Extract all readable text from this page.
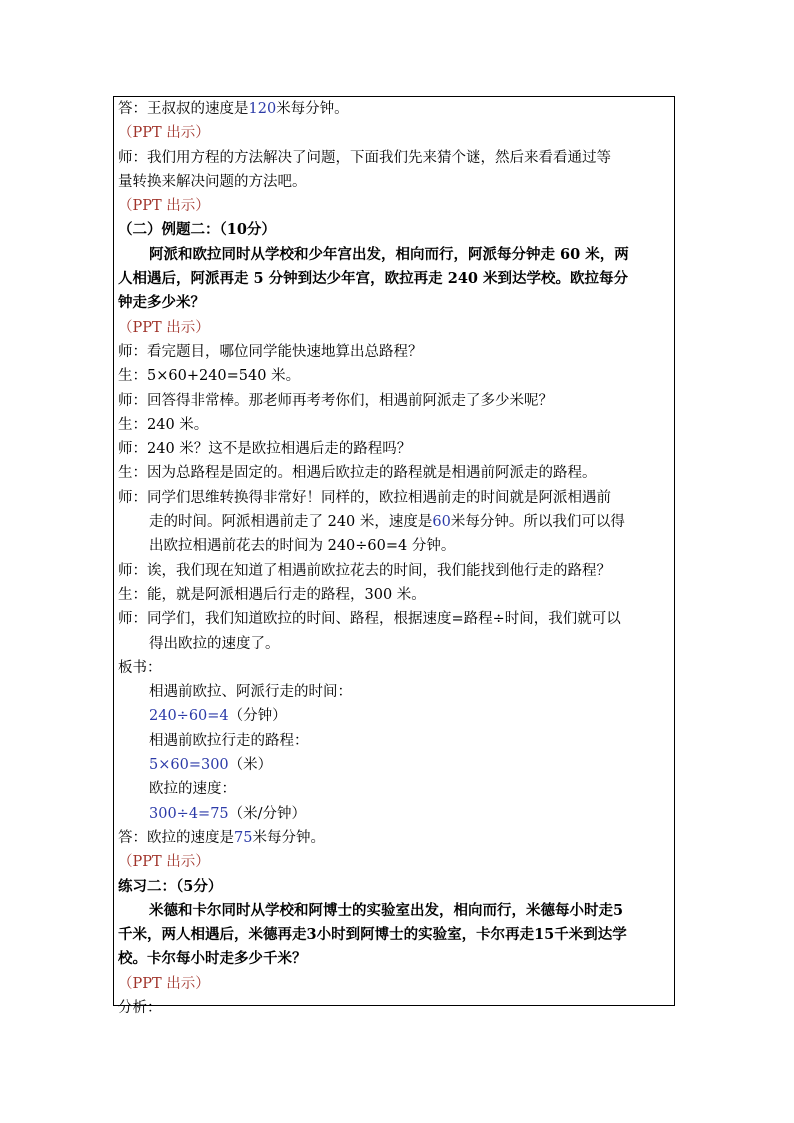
答：王叔叔的速度是120米每分钟。
（PPT 出示）
师：我们用方程的方法解决了问题，下面我们先来猜个谜，然后来看看通过等
量转换来解决问题的方法吧。
（PPT 出示）
（二）例题二：（10分）
阿派和欧拉同时从学校和少年宫出发，相向而行，阿派每分钟走 60 米，两
人相遇后，阿派再走 5 分钟到达少年宫，欧拉再走 240 米到达学校。欧拉每分
钟走多少米？
（PPT 出示）
师：看完题目，哪位同学能快速地算出总路程？
生：5×60+240=540 米。
师：回答得非常棒。那老师再考考你们，相遇前阿派走了多少米呢？
生：240 米。
师：240 米？这不是欧拉相遇后走的路程吗？
生：因为总路程是固定的。相遇后欧拉走的路程就是相遇前阿派走的路程。
师：同学们思维转换得非常好！同样的，欧拉相遇前走的时间就是阿派相遇前
走的时间。阿派相遇前走了 240 米，速度是60米每分钟。所以我们可以得
出欧拉相遇前花去的时间为 240÷60=4 分钟。
师：诶，我们现在知道了相遇前欧拉花去的时间，我们能找到他行走的路程？
生：能，就是阿派相遇后行走的路程，300 米。
师：同学们，我们知道欧拉的时间、路程，根据速度=路程÷时间，我们就可以
得出欧拉的速度了。
板书：
相遇前欧拉、阿派行走的时间：
240÷60=4（分钟）
相遇前欧拉行走的路程：
5×60=300（米）
欧拉的速度：
300÷4=75（米/分钟）
答：欧拉的速度是75米每分钟。
（PPT 出示）
练习二：（5分）
米德和卡尔同时从学校和阿博士的实验室出发，相向而行，米德每小时走5
千米，两人相遇后，米德再走3小时到阿博士的实验室，卡尔再走15千米到达学
校。卡尔每小时走多少千米？
（PPT 出示）
分析：
